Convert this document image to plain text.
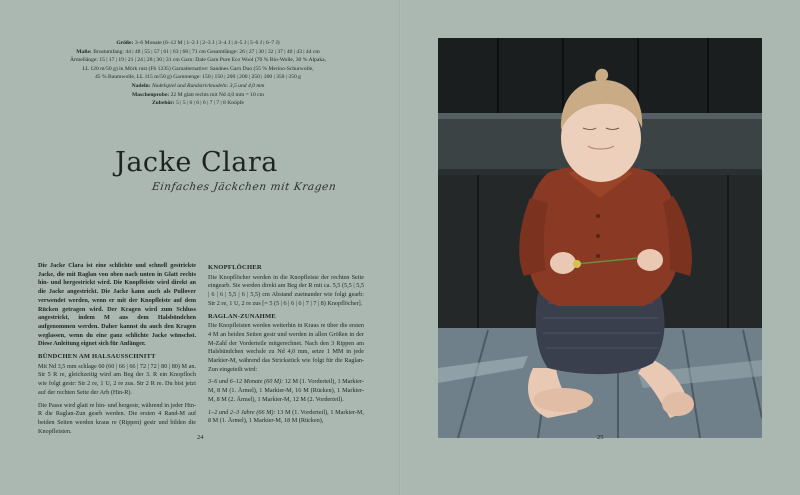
Größe: 3–6 Monate (6–12 M | 1–2 J | 2–3 J | 3–4 J | 4–5 J | 5–6 J | 6–7 J)
Maße: Brustumfang: 44 | 48 | 55 | 57 | 61 | 63 | 68 | 71 cm Gesamtlänge: 26 | 27 | 30 | 32 | 37 | 40 | 43 | 44 cm
Ärmellänge: 15 | 17 | 19 | 21 | 24 | 28 | 30 | 31 cm Garn: Dale Garn Pure Eco Wool (70 % Bio-Wolle, 30 % Alpaka,
LL 120 m/50 g) in Mörk rust (Fb 1235) Garnalternative: Sandnes Garn Duo (55 % Merino-Schurwolle,
45 % Baumwolle, LL 115 m/50 g) Garnmenge: 150 | 150 | 200 | 200 | 250 | 300 | 350 | 350 g
Nadeln: Nadelspiel und Rundstricknadeln: 3,5 und 4,0 mm
Maschenprobe: 22 M glatt rechts mit Nd 4,0 mm = 10 cm
Zubehör: 5 | 5 | 6 | 6 | 6 | 7 | 7 | 8 Knöpfe
Jacke Clara
Einfaches Jäckchen mit Kragen

Die Jacke Clara ist eine schlichte und schnell gestrickte Jacke, die mit Raglan von oben nach unten in Glatt rechts hin- und hergestrickt wird. Die Knopfleiste wird direkt an die Jacke angestrickt. Die Jacke kann auch als Pullover verwendet werden, wenn er mit der Knopfleiste auf dem Rücken getragen wird. Der Kragen wird zum Schluss angestrickt, indem M aus dem Halsbündchen aufgenommen werden. Daher kannst du auch den Kragen weglassen, wenn du eine ganz schlichte Jacke wünschst. Diese Anleitung eignet sich für Anfänger.

BÜNDCHEN AM HALSAUSSCHNITT

Mit Nd 3,5 mm schlage 60 (60 | 66 | 66 | 72 | 72 | 80 | 80) M an. Str 5 R re, gleichzeitig wird am Beg der 3. R ein Knopfloch wie folgt gestr: Str 2 re, 1 U, 2 re zus. Str 2 R re. Du bist jetzt auf der rechten Seite der Arb (Hin-R).

Die Passe wird glatt re hin- und hergestr, während in jeder Hin-R die Raglan-Zun gearb werden. Die ersten 4 Rand-M auf beiden Seiten werden kraus re (Rippen) gestr und bilden die Knopfleisten.

KNOPFLÖCHER

Die Knopflöcher werden in die Knopfleiste der rechten Seite eingearb. Sie werden direkt am Beg der R mit ca. 5,5 (5,5 | 5,5 | 6 | 6 | 5,5 | 6 | 5,5) cm Abstand zueinander wie folgt gearb: Str 2 re, 1 U, 2 re zus [= 5 (5 | 6 | 6 | 6 | 7 | 7 | 8) Knopflöcher].

RAGLAN-ZUNAHME

Die Knopfleisten werden weiterhin in Kraus re über die ersten 4 M an beiden Seiten gestr und werden in allen Größen in der M-Zahl der Vorderteile mitgerechnet. Nach den 3 Rippen am Halsbündchen wechsle zu Nd 4,0 mm, setze 1 MM in jede Markier-M, während das Strickstück wie folgt für die Raglan-Zun eingeteilt wird:

3–6 und 6–12 Monate (60 M): 12 M (1. Vorderteil), 1 Markier-M, 8 M (1. Ärmel), 1 Markier-M, 16 M (Rücken), 1 Markier-M, 8 M (2. Ärmel), 1 Markier-M, 12 M (2. Vorderteil).

1–2 und 2–3 Jahre (66 M): 13 M (1. Vorderteil), 1 Markier-M, 8 M (1. Ärmel), 1 Markier-M, 18 M (Rücken),

24	25
